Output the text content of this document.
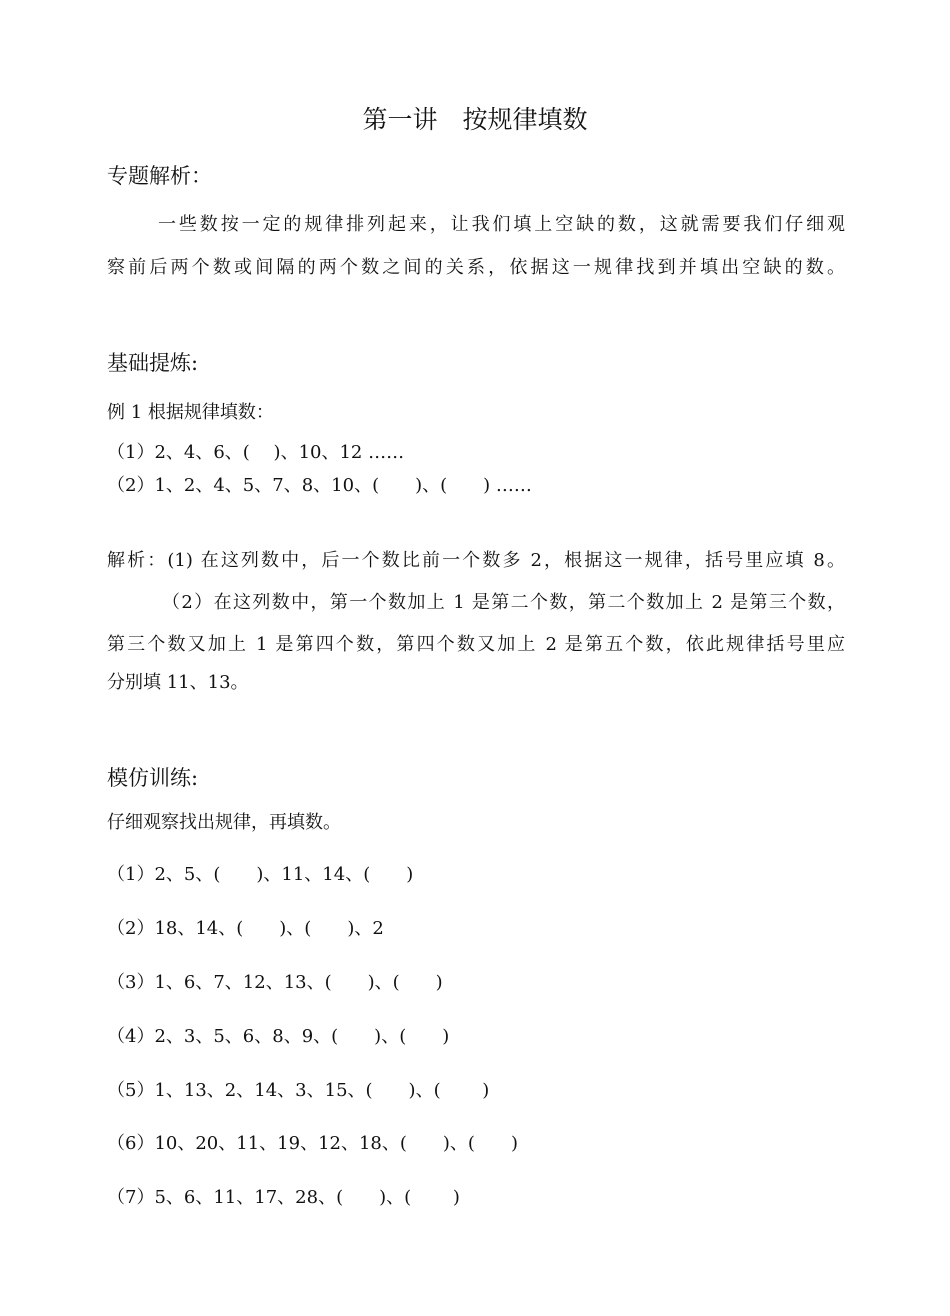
第一讲　按规律填数
专题解析：
一些数按一定的规律排列起来，让我们填上空缺的数，这就需要我们仔细观
察前后两个数或间隔的两个数之间的关系，依据这一规律找到并填出空缺的数。
基础提炼:
例 1 根据规律填数：
（1）2、4、6、(　 )、10、12 ……
（2）1、2、4、5、7、8、10、(　　)、(　　) ……
解析：(1) 在这列数中，后一个数比前一个数多 2，根据这一规律，括号里应填 8。
（2）在这列数中，第一个数加上 1 是第二个数，第二个数加上 2 是第三个数，
第三个数又加上 1 是第四个数，第四个数又加上 2 是第五个数，依此规律括号里应
分别填 11、13。
模仿训练:
仔细观察找出规律，再填数。
（1）2、5、(　　)、11、14、(　　)
（2）18、14、(　　)、(　　)、2
（3）1、6、7、12、13、(　　)、(　　)
（4）2、3、5、6、8、9、(　　)、(　　)
（5）1、13、2、14、3、15、(　　)、(　　 )
（6）10、20、11、19、12、18、(　　)、(　　)
（7）5、6、11、17、28、(　　)、(　　 )
